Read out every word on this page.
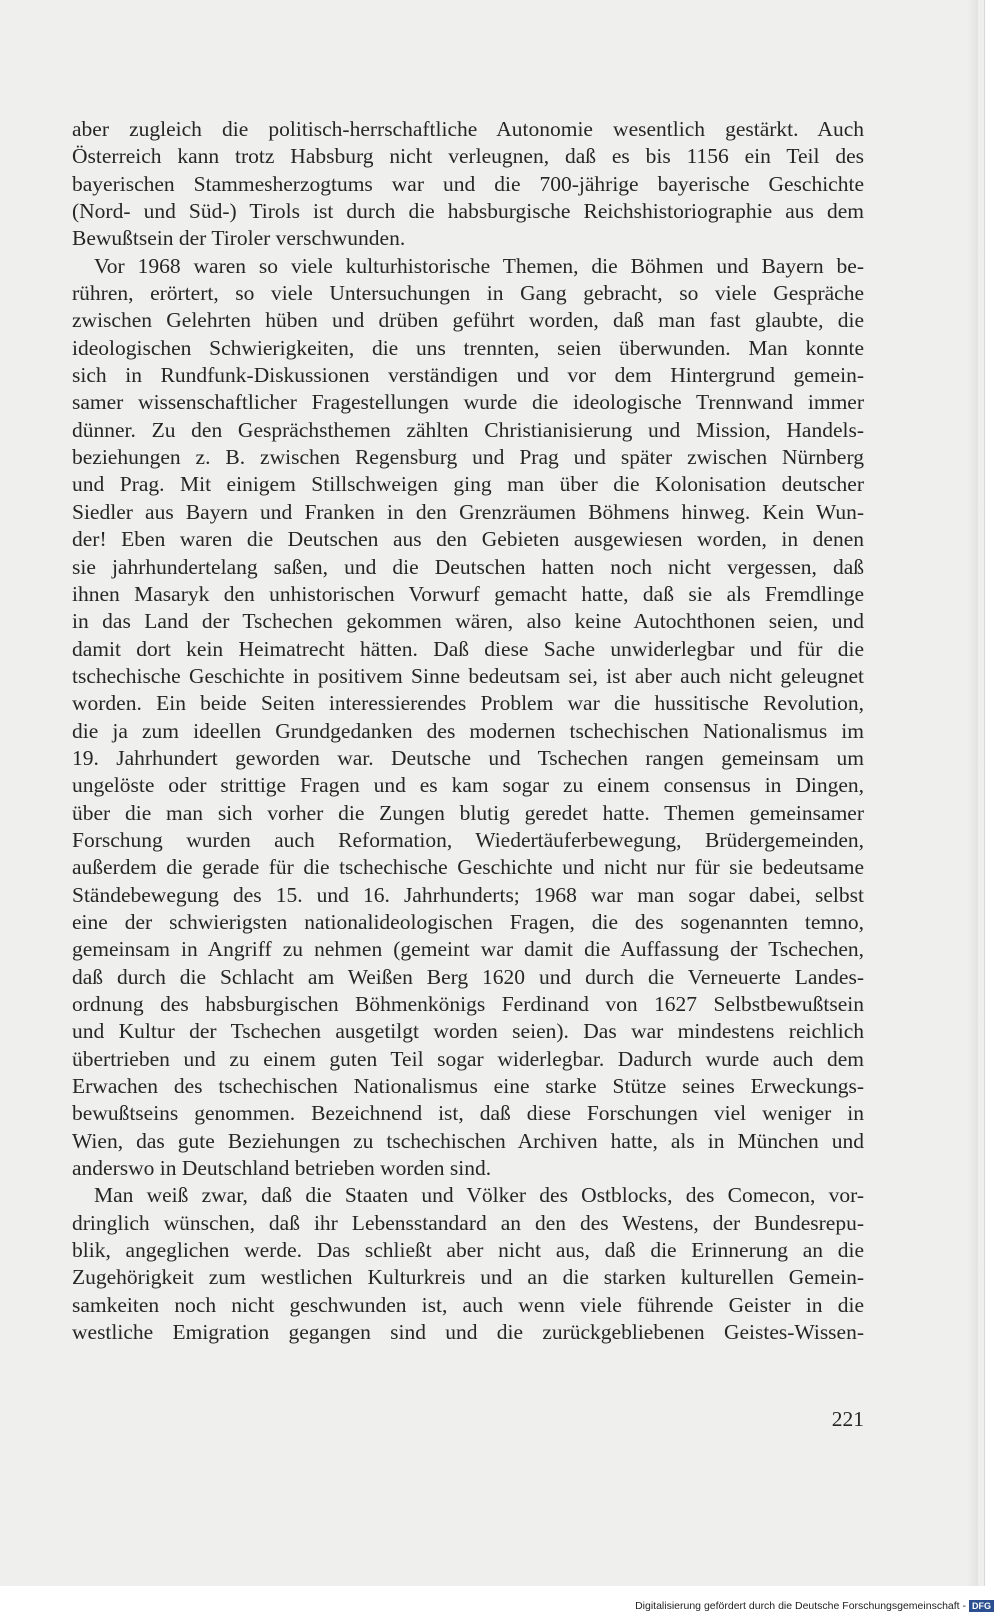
aber zugleich die politisch-herrschaftliche Autonomie wesentlich gestärkt. Auch
Österreich kann trotz Habsburg nicht verleugnen, daß es bis 1156 ein Teil des
bayerischen Stammesherzogtums war und die 700-jährige bayerische Geschichte
(Nord- und Süd-) Tirols ist durch die habsburgische Reichshistoriographie aus dem
Bewußtsein der Tiroler verschwunden.
Vor 1968 waren so viele kulturhistorische Themen, die Böhmen und Bayern be-
rühren, erörtert, so viele Untersuchungen in Gang gebracht, so viele Gespräche
zwischen Gelehrten hüben und drüben geführt worden, daß man fast glaubte, die
ideologischen Schwierigkeiten, die uns trennten, seien überwunden. Man konnte
sich in Rundfunk-Diskussionen verständigen und vor dem Hintergrund gemein-
samer wissenschaftlicher Fragestellungen wurde die ideologische Trennwand immer
dünner. Zu den Gesprächsthemen zählten Christianisierung und Mission, Handels-
beziehungen z. B. zwischen Regensburg und Prag und später zwischen Nürnberg
und Prag. Mit einigem Stillschweigen ging man über die Kolonisation deutscher
Siedler aus Bayern und Franken in den Grenzräumen Böhmens hinweg. Kein Wun-
der! Eben waren die Deutschen aus den Gebieten ausgewiesen worden, in denen
sie jahrhundertelang saßen, und die Deutschen hatten noch nicht vergessen, daß
ihnen Masaryk den unhistorischen Vorwurf gemacht hatte, daß sie als Fremdlinge
in das Land der Tschechen gekommen wären, also keine Autochthonen seien, und
damit dort kein Heimatrecht hätten. Daß diese Sache unwiderlegbar und für die
tschechische Geschichte in positivem Sinne bedeutsam sei, ist aber auch nicht geleugnet
worden. Ein beide Seiten interessierendes Problem war die hussitische Revolution,
die ja zum ideellen Grundgedanken des modernen tschechischen Nationalismus im
19. Jahrhundert geworden war. Deutsche und Tschechen rangen gemeinsam um
ungelöste oder strittige Fragen und es kam sogar zu einem consensus in Dingen,
über die man sich vorher die Zungen blutig geredet hatte. Themen gemeinsamer
Forschung wurden auch Reformation, Wiedertäuferbewegung, Brüdergemeinden,
außerdem die gerade für die tschechische Geschichte und nicht nur für sie bedeutsame
Ständebewegung des 15. und 16. Jahrhunderts; 1968 war man sogar dabei, selbst
eine der schwierigsten nationalideologischen Fragen, die des sogenannten temno,
gemeinsam in Angriff zu nehmen (gemeint war damit die Auffassung der Tschechen,
daß durch die Schlacht am Weißen Berg 1620 und durch die Verneuerte Landes-
ordnung des habsburgischen Böhmenkönigs Ferdinand von 1627 Selbstbewußtsein
und Kultur der Tschechen ausgetilgt worden seien). Das war mindestens reichlich
übertrieben und zu einem guten Teil sogar widerlegbar. Dadurch wurde auch dem
Erwachen des tschechischen Nationalismus eine starke Stütze seines Erweckungs-
bewußtseins genommen. Bezeichnend ist, daß diese Forschungen viel weniger in
Wien, das gute Beziehungen zu tschechischen Archiven hatte, als in München und
anderswo in Deutschland betrieben worden sind.
Man weiß zwar, daß die Staaten und Völker des Ostblocks, des Comecon, vor-
dringlich wünschen, daß ihr Lebensstandard an den des Westens, der Bundesrepu-
blik, angeglichen werde. Das schließt aber nicht aus, daß die Erinnerung an die
Zugehörigkeit zum westlichen Kulturkreis und an die starken kulturellen Gemein-
samkeiten noch nicht geschwunden ist, auch wenn viele führende Geister in die
westliche Emigration gegangen sind und die zurückgebliebenen Geistes-Wissen-
221
Digitalisierung gefördert durch die Deutsche Forschungsgemeinschaft - DFG
